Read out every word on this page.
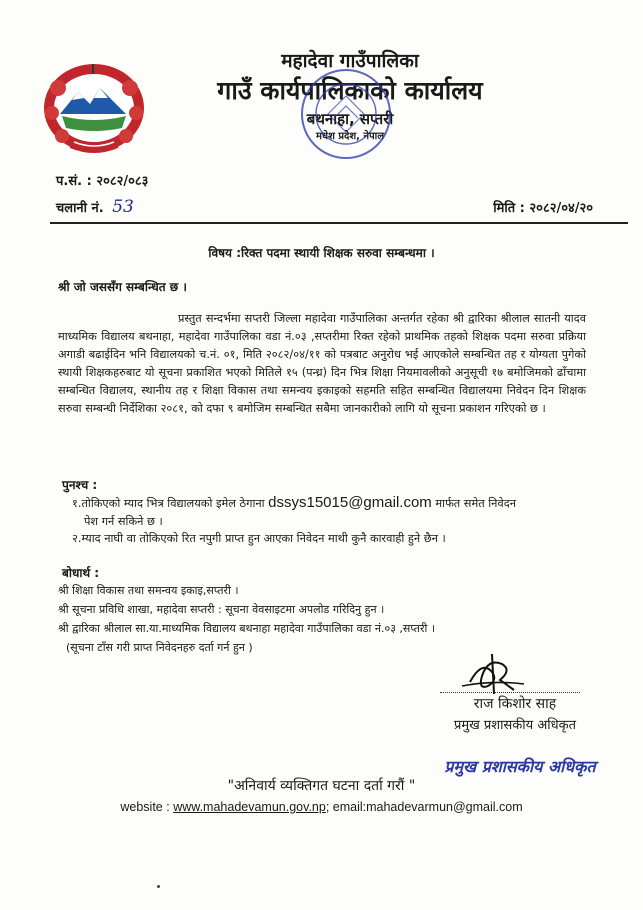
महादेवा गाउँपालिका
गाउँ कार्यपालिकाको कार्यालय
बथनाहा, सप्तरी
मधेश प्रदेश, नेपाल
प.सं. : २०८२/०८३
चलानी नं. 53	मिति : २०८२/०४/२०
विषय :रिक्त पदमा स्थायी शिक्षक सरुवा सम्बन्धमा ।
श्री जो जससँग सम्बन्धित छ ।
प्रस्तुत सन्दर्भमा सप्तरी जिल्ला महादेवा गाउँपालिका अन्तर्गत रहेका श्री द्वारिका श्रीलाल सातनी यादव माध्यमिक विद्यालय बथनाहा, महादेवा गाउँपालिका वडा नं.०३ ,सप्तरीमा रिक्त रहेको प्राथमिक तहको शिक्षक पदमा सरुवा प्रक्रिया अगाडी बढाईदिन भनि विद्यालयको च.नं. ०१, मिति २०८२/०४/११ को पत्रबाट अनुरोध भई आएकोले सम्बन्धित तह र योग्यता पुगेको स्थायी शिक्षकहरुबाट यो सूचना प्रकाशित भएको मितिले १५ (पन्ध्र) दिन भित्र शिक्षा नियमावलीको अनुसूची १७ बमोजिमको ढाँचामा सम्बन्धित विद्यालय, स्थानीय तह र शिक्षा विकास तथा समन्वय इकाइको सहमति सहित सम्बन्धित विद्यालयमा निवेदन दिन शिक्षक सरुवा सम्बन्धी निर्देशिका २०८१, को दफा ९ बमोजिम सम्बन्धित सबैमा जानकारीको लागि यो सूचना प्रकाशन गरिएको छ ।
पुनश्च :
१.तोकिएको म्याद भित्र विद्यालयको इमेल ठेगाना dssys15015@gmail.com मार्फत समेत निवेदन
पेश गर्न सकिने छ ।
२.म्याद नाघी वा तोकिएको रित नपुगी प्राप्त हुन आएका निवेदन माथी कुनै कारवाही हुने छैन ।
बोधार्थ :
श्री शिक्षा विकास तथा समन्वय इकाइ,सप्तरी ।
श्री सूचना प्रविधि शाखा, महादेवा सप्तरी : सूचना वेवसाइटमा अपलोड गरिदिनु हुन ।
श्री द्वारिका श्रीलाल सा.या.माध्यमिक विद्यालय बथनाहा महादेवा गाउँपालिका वडा नं.०३ ,सप्तरी ।
(सूचना टाँस गरी प्राप्त निवेदनहरु दर्ता गर्न हुन )
राज किशोर साह
प्रमुख प्रशासकीय अधिकृत
प्रमुख प्रशासकीय अधिकृत
"अनिवार्य व्यक्तिगत घटना दर्ता गरौं "
website : www.mahadevamun.gov.np; email:mahadevarmun@gmail.com
